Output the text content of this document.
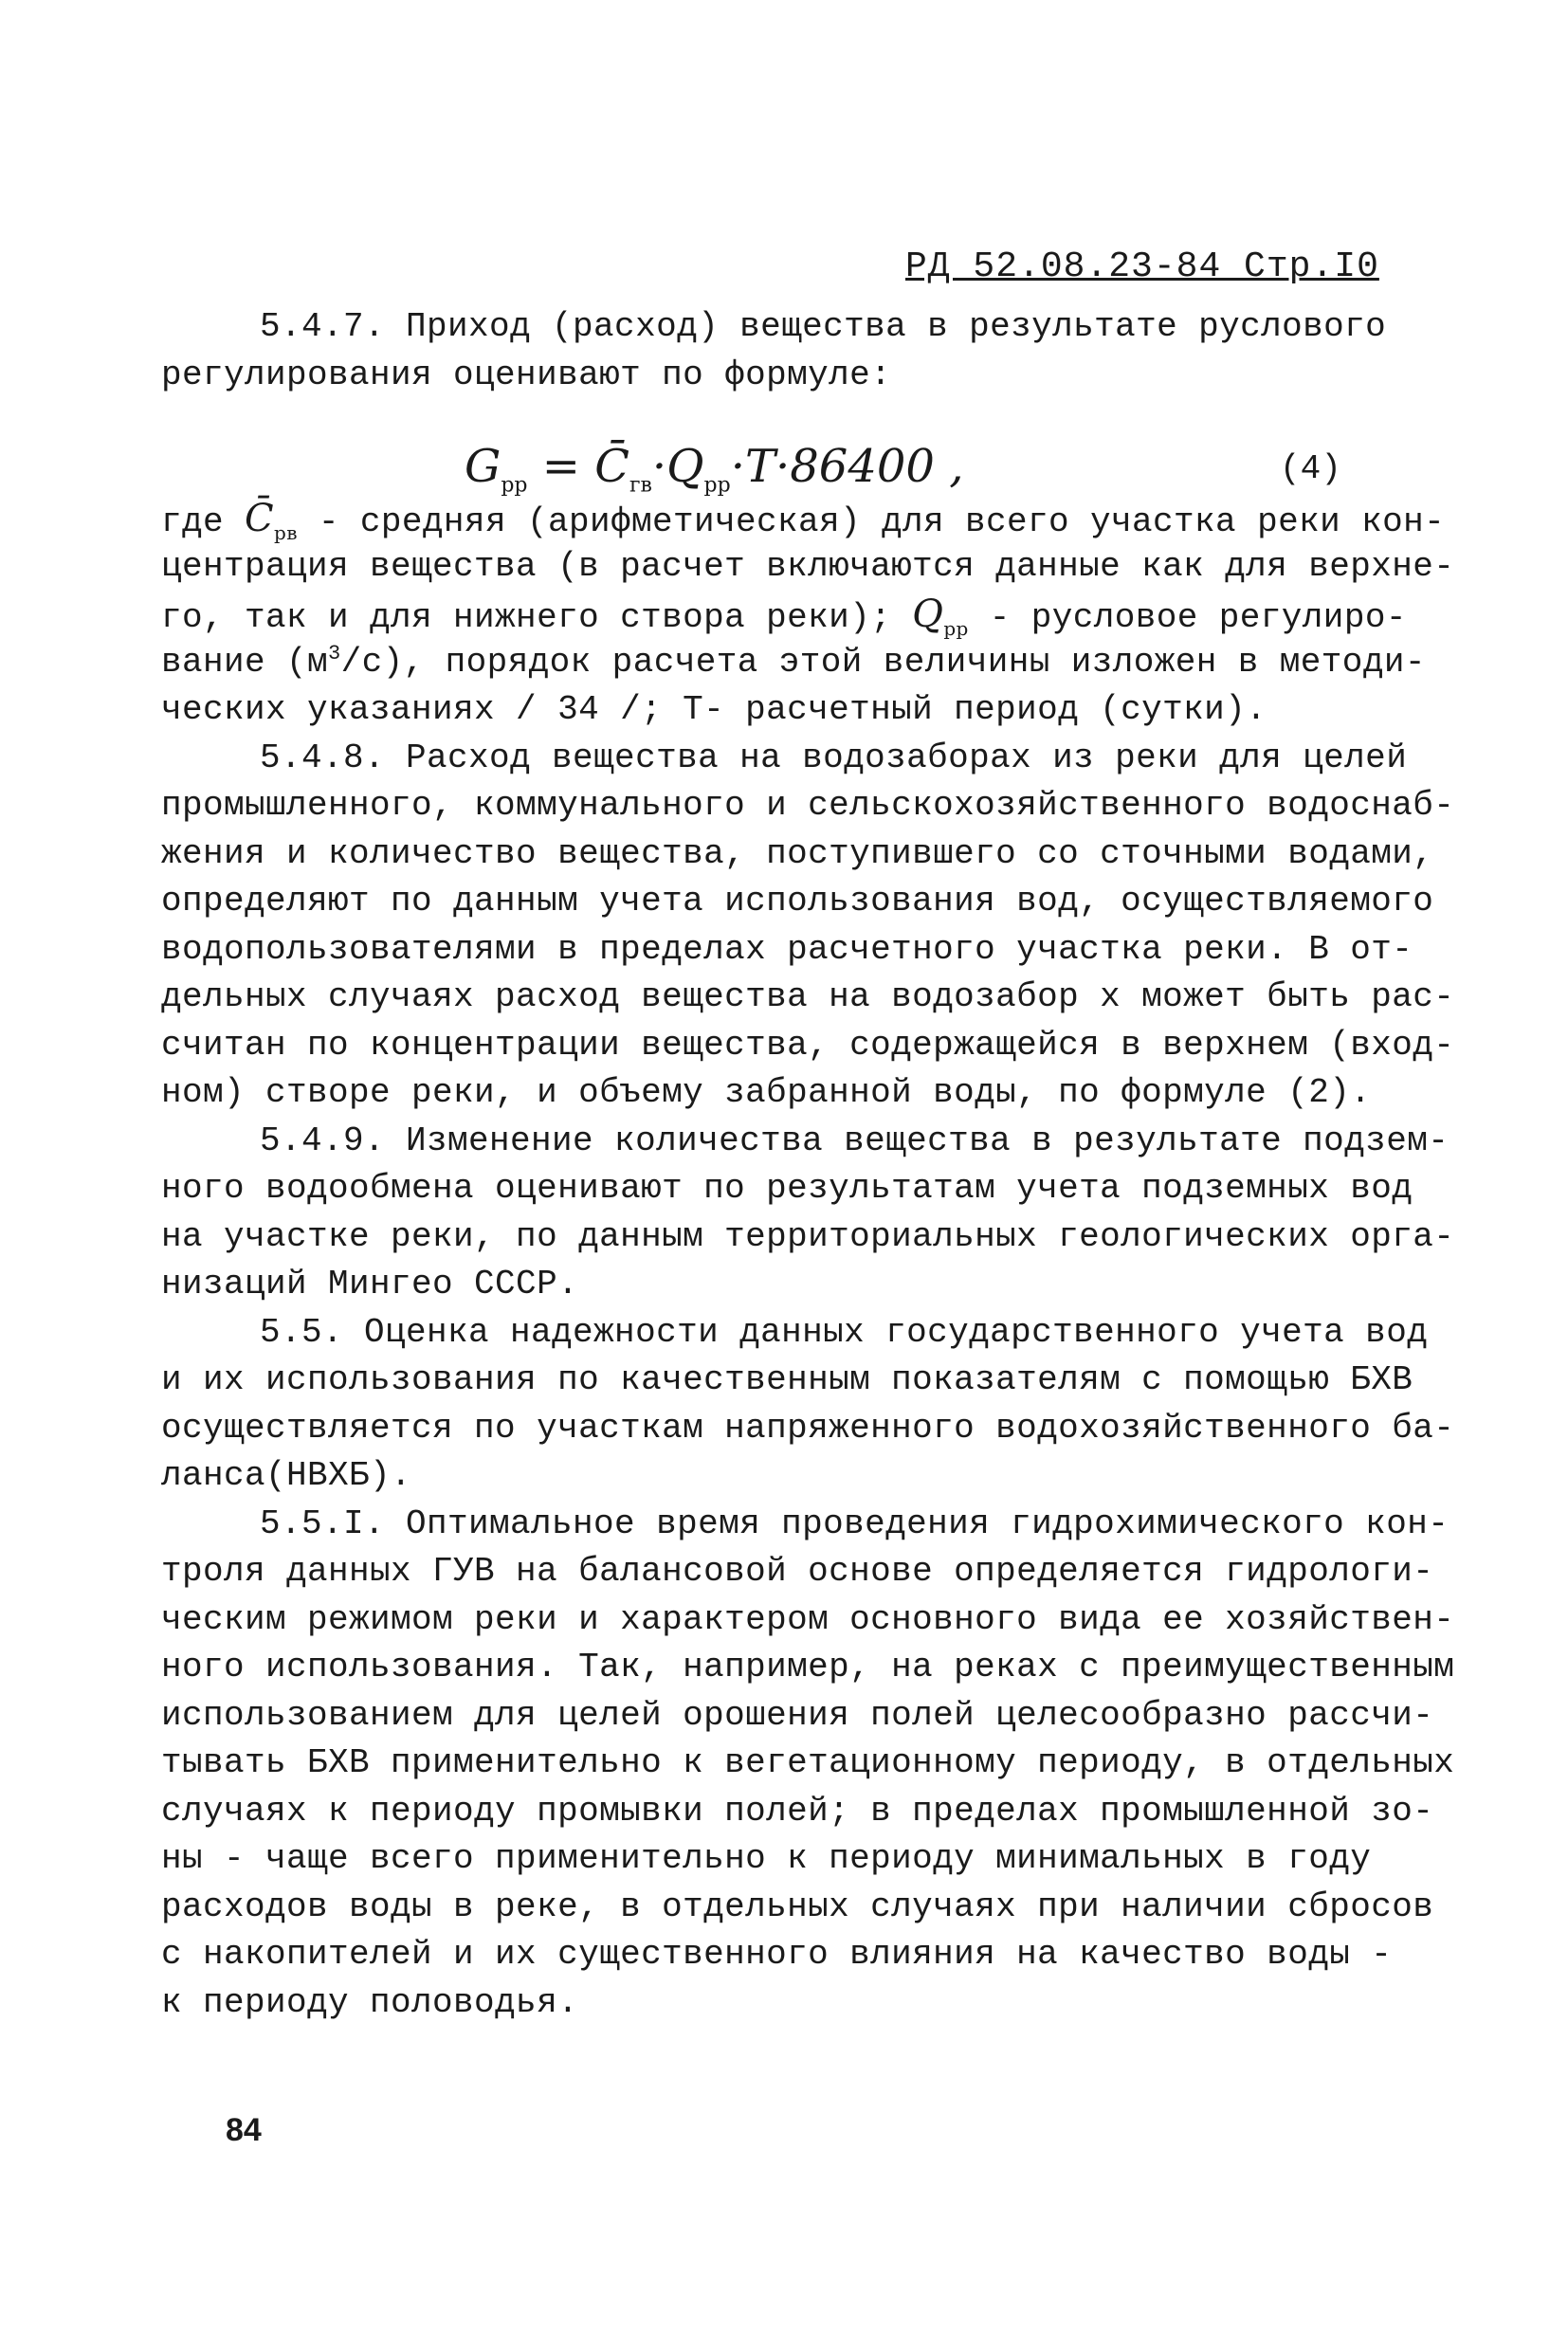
РД 52.08.23-84 Стр.I0
$G_{рр}$ = $C̄_{гв}\cdot Q_{рр}\cdot T\cdot 86400$ ,	(4)
5.4.7. Приход (расход) вещества в результате руслового
регулирования оценивают по формуле:
где $C̄_{рв}$ - средняя (арифметическая) для всего участка реки кон-
центрация вещества (в расчет включаются данные как для верхне-
го, так и для нижнего створа реки); $Q_{рр}$ - русловое регулиро-
вание $(м^3/с)$, порядок расчета этой величины изложен в методи-
ческих указаниях / 34 /; T- расчетный период (сутки).
5.4.8. Расход вещества на водозаборах из реки для целей
промышленного, коммунального и сельскохозяйственного водоснаб-
жения и количество вещества, поступившего со сточными водами,
определяют по данным учета использования вод, осуществляемого
водопользователями в пределах расчетного участка реки. В от-
дельных случаях расход вещества на водозабор х может быть рас-
считан по концентрации вещества, содержащейся в верхнем (вход-
ном) створе реки, и объему забранной воды, по формуле (2).
5.4.9. Изменение количества вещества в результате подзем-
ного водообмена оценивают по результатам учета подземных вод
на участке реки, по данным территориальных геологических орга-
низаций Мингео СССР.
5.5. Оценка надежности данных государственного учета вод
и их использования по качественным показателям с помощью БХВ
осуществляется по участкам напряженного водохозяйственного ба-
ланса(НВХБ).
5.5.I. Оптимальное время проведения гидрохимического кон-
троля данных ГУВ на балансовой основе определяется гидрологи-
ческим режимом реки и характером основного вида ее хозяйствен-
ного использования. Так, например, на реках с преимущественным
использованием для целей орошения полей целесообразно рассчи-
тывать БХВ применительно к вегетационному периоду, в отдельных
случаях к периоду промывки полей; в пределах промышленной зо-
ны - чаще всего применительно к периоду минимальных в году
расходов воды в реке, в отдельных случаях при наличии сбросов
с накопителей и их существенного влияния на качество воды -
к периоду половодья.
84
